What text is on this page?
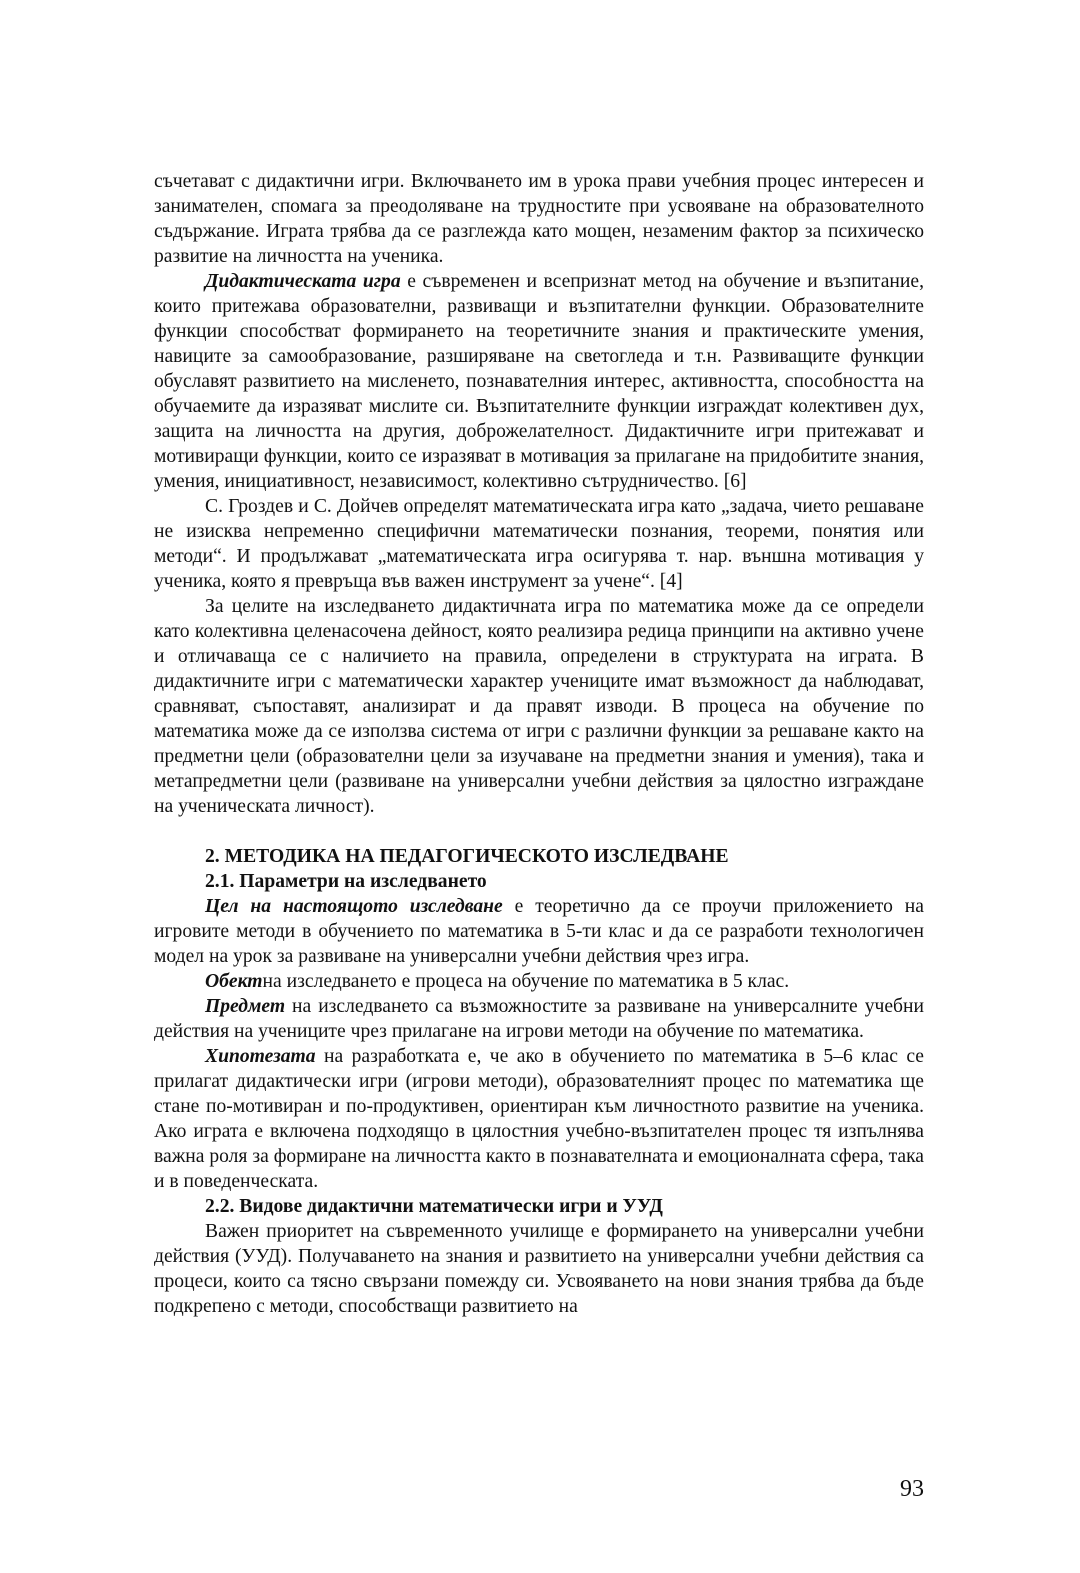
съчетават с дидактични игри. Включването им в урока прави учебния процес интересен и занимателен, спомага за преодоляване на трудностите при усвояване на образователното съдържание. Играта трябва да се разглежда като мощен, незаменим фактор за психическо развитие на личността на ученика.

Дидактическата игра е съвременен и всепризнат метод на обучение и възпитание, които притежава образователни, развиващи и възпитателни функции. Образователните функции способстват формирането на теоретичните знания и практическите умения, навиците за самообразование, разширяване на светогледа и т.н. Развиващите функции обуславят развитието на мисленето, познавателния интерес, активността, способността на обучаемите да изразяват мислите си. Възпитателните функции изграждат колективен дух, защита на личността на другия, доброжелателност. Дидактичните игри притежават и мотивиращи функции, които се изразяват в мотивация за прилагане на придобитите знания, умения, инициативност, независимост, колективно сътрудничество. [6]

С. Гроздев и С. Дойчев определят математическата игра като „задача, чието решаване не изисква непременно специфични математически познания, теореми, понятия или методи“. И продължават „математическата игра осигурява т. нар. външна мотивация у ученика, която я превръща във важен инструмент за учене“. [4]

За целите на изследването дидактичната игра по математика може да се определи като колективна целенасочена дейност, която реализира редица принципи на активно учене и отличаваща се с наличието на правила, определени в структурата на играта. В дидактичните игри с математически характер учениците имат възможност да наблюдават, сравняват, съпоставят, анализират и да правят изводи. В процеса на обучение по математика може да се използва система от игри с различни функции за решаване както на предметни цели (образователни цели за изучаване на предметни знания и умения), така и метапредметни цели (развиване на универсални учебни действия за цялостно изграждане на ученическата личност).

2. МЕТОДИКА НА ПЕДАГОГИЧЕСКОТО ИЗСЛЕДВАНЕ

2.1. Параметри на изследването

Цел на настоящото изследване е теоретично да се проучи приложението на игровите методи в обучението по математика в 5-ти клас и да се разработи технологичен модел на урок за развиване на универсални учебни действия чрез игра.

Обектна изследването е процеса на обучение по математика в 5 клас.

Предмет на изследването са възможностите за развиване на универсалните учебни действия на учениците чрез прилагане на игрови методи на обучение по математика.

Хипотезата на разработката е, че ако в обучението по математика в 5–6 клас се прилагат дидактически игри (игрови методи), образователният процес по математика ще стане по-мотивиран и по-продуктивен, ориентиран към личностното развитие на ученика. Ако играта е включена подходящо в цялостния учебно-възпитателен процес тя изпълнява важна роля за формиране на личността както в познавателната и емоционалната сфера, така и в поведенческата.

2.2. Видове дидактични математически игри и УУД

Важен приоритет на съвременното училище е формирането на универсални учебни действия (УУД). Получаването на знания и развитието на универсални учебни действия са процеси, които са тясно свързани помежду си. Усвояването на нови знания трябва да бъде подкрепено с методи, способстващи развитието на

93
